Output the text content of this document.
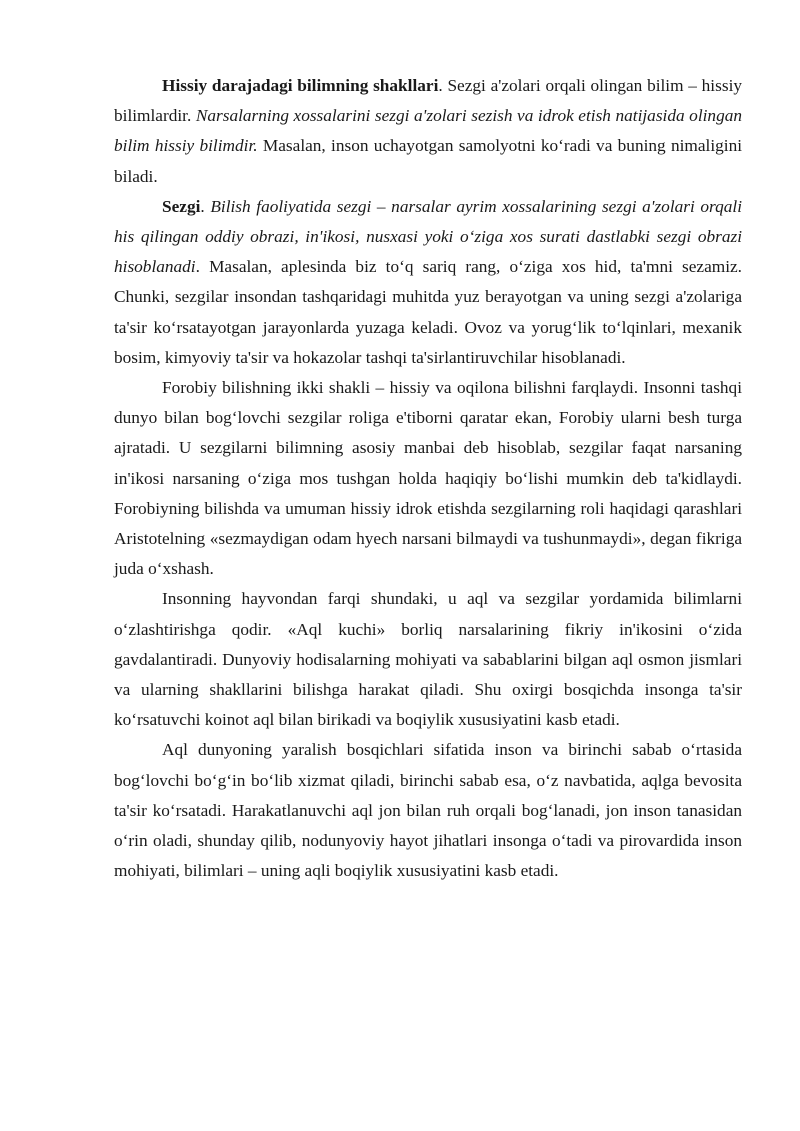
Hissiy darajadagi bilimning shakllari. Sezgi a'zolari orqali olingan bilim – hissiy bilimlardir. Narsalarning xossalarini sezgi a'zolari sezish va idrok etish natijasida olingan bilim hissiy bilimdir. Masalan, inson uchayotgan samolyotni koʻradi va buning nimaligini biladi.

Sezgi. Bilish faoliyatida sezgi – narsalar ayrim xossalarining sezgi a'zolari orqali his qilingan oddiy obrazi, in'ikosi, nusxasi yoki oʻziga xos surati dastlabki sezgi obrazi hisoblanadi. Masalan, aplesinda biz toʻq sariq rang, oʻziga xos hid, ta'mni sezamiz. Chunki, sezgilar insondan tashqaridagi muhitda yuz berayotgan va uning sezgi a'zolariga ta'sir koʻrsatayotgan jarayonlarda yuzaga keladi. Ovoz va yorugʻlik toʻlqinlari, mexanik bosim, kimyoviy ta'sir va hokazolar tashqi ta'sirlantiruvchilar hisoblanadi.

Forobiy bilishning ikki shakli – hissiy va oqilona bilishni farqlaydi. Insonni tashqi dunyo bilan bogʻlovchi sezgilar roliga e'tiborni qaratar ekan, Forobiy ularni besh turga ajratadi. U sezgilarni bilimning asosiy manbai deb hisoblab, sezgilar faqat narsaning in'ikosi narsaning oʻziga mos tushgan holda haqiqiy boʻlishi mumkin deb ta'kidlaydi. Forobiyning bilishda va umuman hissiy idrok etishda sezgilarning roli haqidagi qarashlari Aristotelning «sezmaydigan odam hyech narsani bilmaydi va tushunmaydi», degan fikriga juda oʻxshash.

Insonning hayvondan farqi shundaki, u aql va sezgilar yordamida bilimlarni oʻzlashtirishga qodir. «Aql kuchi» borliq narsalarining fikriy in'ikosini oʻzida gavdalantiradi. Dunyoviy hodisalarning mohiyati va sabablarini bilgan aql osmon jismlari va ularning shakllarini bilishga harakat qiladi. Shu oxirgi bosqichda insonga ta'sir koʻrsatuvchi koinot aql bilan birikadi va boqiylik xususiyatini kasb etadi.

Aql dunyoning yaralish bosqichlari sifatida inson va birinchi sabab oʻrtasida bogʻlovchi boʻgʻin boʻlib xizmat qiladi, birinchi sabab esa, oʻz navbatida, aqlga bevosita ta'sir koʻrsatadi. Harakatlanuvchi aql jon bilan ruh orqali bogʻlanadi, jon inson tanasidan oʻrin oladi, shunday qilib, nodunyoviy hayot jihatlari insonga oʻtadi va pirovardida inson mohiyati, bilimlari – uning aqli boqiylik xususiyatini kasb etadi.
